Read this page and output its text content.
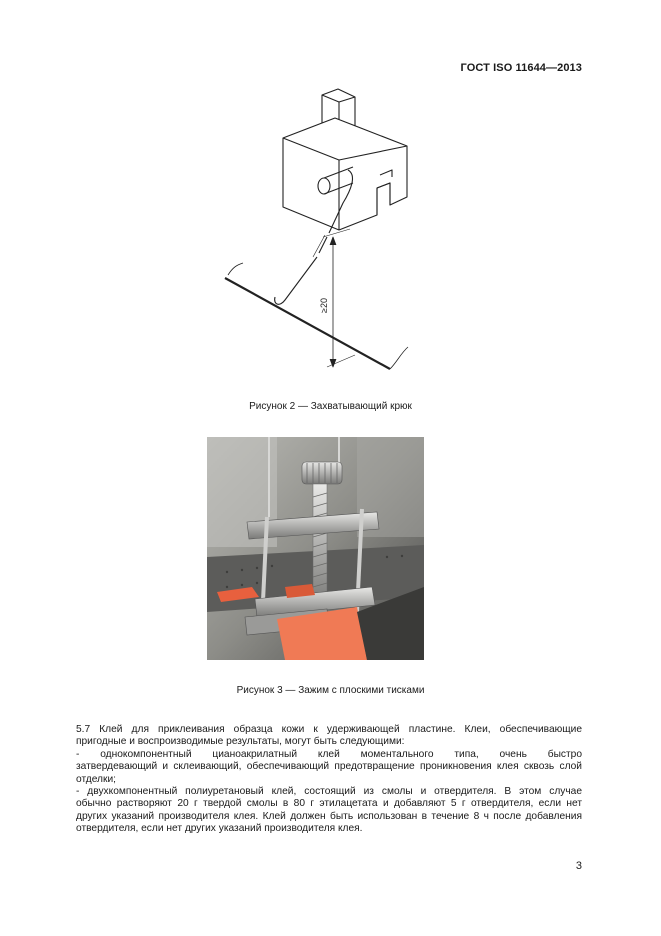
ГОСТ ISO 11644—2013
≥20
Рисунок 2 — Захватывающий крюк
Рисунок 3 — Зажим с плоскими тисками

5.7 Клей для приклеивания образца кожи к удерживающей пластине. Клеи, обеспечивающие

пригодные и воспроизводимые результаты, могут быть следующими:

- однокомпонентный цианоакрилатный клей моментального типа, очень быстро

затвердевающий и склеивающий, обеспечивающий предотвращение проникновения клея сквозь слой

отделки;

- двухкомпонентный полиуретановый клей, состоящий из смолы и отвердителя. В этом случае

обычно растворяют 20 г твердой смолы в 80 г этилацетата и добавляют 5 г отвердителя, если нет

других указаний производителя клея. Клей должен быть использован в течение 8 ч после добавления

отвердителя, если нет других указаний производителя клея.

3
